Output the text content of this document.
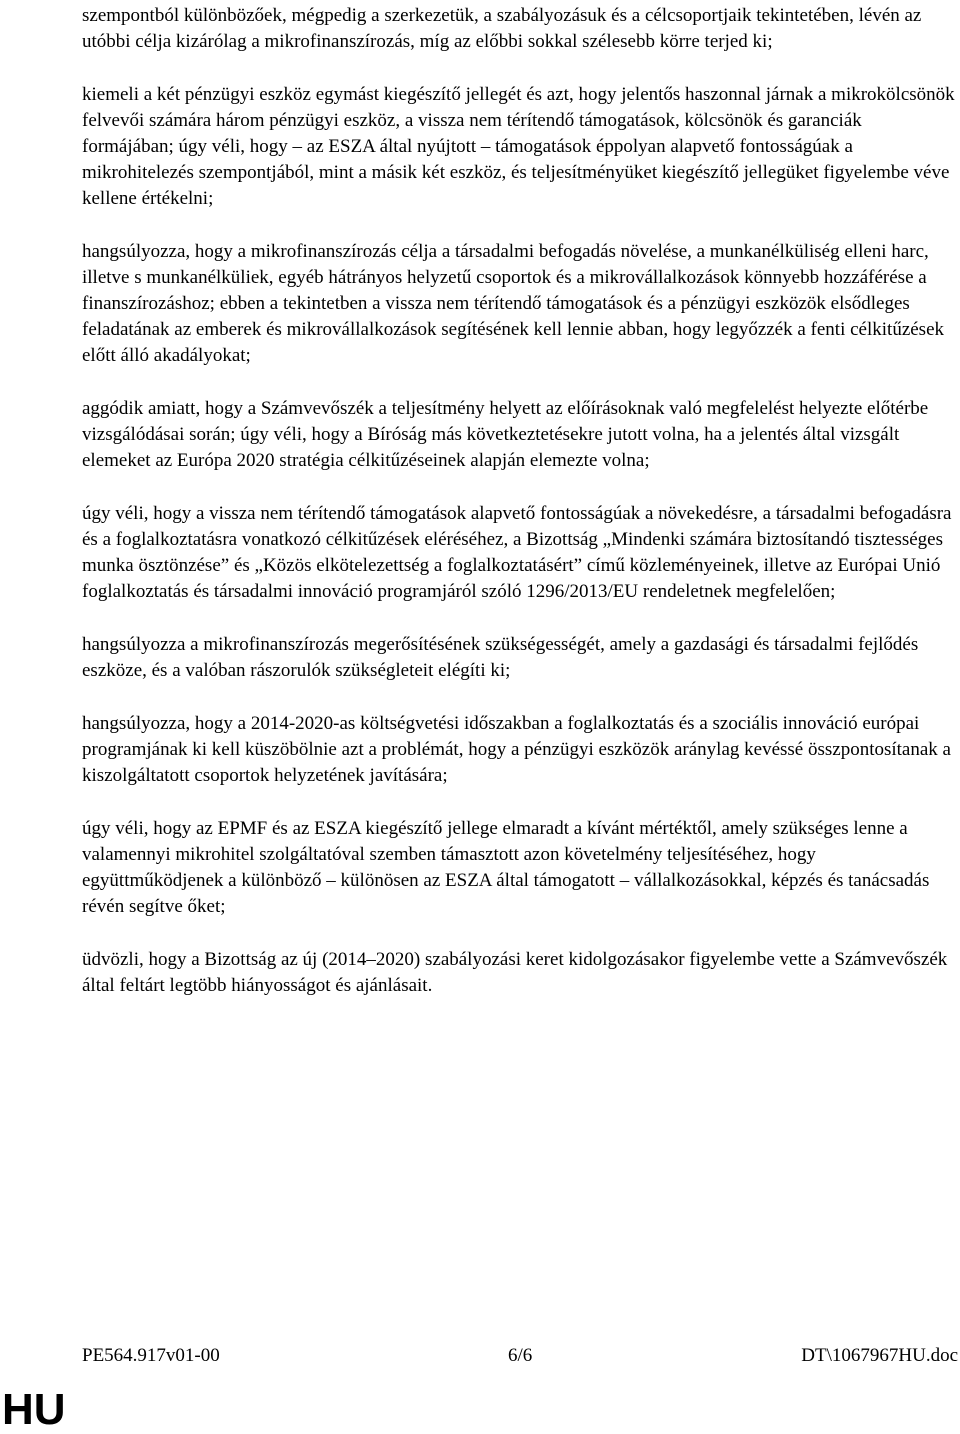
szempontból különbözőek, mégpedig a szerkezetük, a szabályozásuk és a célcsoportjaik tekintetében, lévén az utóbbi célja kizárólag a mikrofinanszírozás, míg az előbbi sokkal szélesebb körre terjed ki;

kiemeli a két pénzügyi eszköz egymást kiegészítő jellegét és azt, hogy jelentős haszonnal járnak a mikrokölcsönök felvevői számára három pénzügyi eszköz, a vissza nem térítendő támogatások, kölcsönök és garanciák formájában; úgy véli, hogy – az ESZA által nyújtott – támogatások éppolyan alapvető fontosságúak a mikrohitelezés szempontjából, mint a másik két eszköz, és teljesítményüket kiegészítő jellegüket figyelembe véve kellene értékelni;

hangsúlyozza, hogy a mikrofinanszírozás célja a társadalmi befogadás növelése, a munkanélküliség elleni harc, illetve s munkanélküliek, egyéb hátrányos helyzetű csoportok és a mikrovállalkozások könnyebb hozzáférése a finanszírozáshoz; ebben a tekintetben a vissza nem térítendő támogatások és a pénzügyi eszközök elsődleges feladatának az emberek és mikrovállalkozások segítésének kell lennie abban, hogy legyőzzék a fenti célkitűzések előtt álló akadályokat;

aggódik amiatt, hogy a Számvevőszék a teljesítmény helyett az előírásoknak való megfelelést helyezte előtérbe vizsgálódásai során; úgy véli, hogy a Bíróság más következtetésekre jutott volna, ha a jelentés által vizsgált elemeket az Európa 2020 stratégia célkitűzéseinek alapján elemezte volna;

úgy véli, hogy a vissza nem térítendő támogatások alapvető fontosságúak a növekedésre, a társadalmi befogadásra és a foglalkoztatásra vonatkozó célkitűzések eléréséhez, a Bizottság „Mindenki számára biztosítandó tisztességes munka ösztönzése” és „Közös elkötelezettség a foglalkoztatásért” című közleményeinek, illetve az Európai Unió foglalkoztatás és társadalmi innováció programjáról szóló 1296/2013/EU rendeletnek megfelelően;

hangsúlyozza a mikrofinanszírozás megerősítésének szükségességét, amely a gazdasági és társadalmi fejlődés eszköze, és a valóban rászorulók szükségleteit elégíti ki;

hangsúlyozza, hogy a 2014-2020-as költségvetési időszakban a foglalkoztatás és a szociális innováció európai programjának ki kell küszöbölnie azt a problémát, hogy a pénzügyi eszközök aránylag kevéssé összpontosítanak a kiszolgáltatott csoportok helyzetének javítására;

úgy véli, hogy az EPMF és az ESZA kiegészítő jellege elmaradt a kívánt mértéktől, amely szükséges lenne a valamennyi mikrohitel szolgáltatóval szemben támasztott azon követelmény teljesítéséhez, hogy együttműködjenek a különböző – különösen az ESZA által támogatott – vállalkozásokkal, képzés és tanácsadás révén segítve őket;

üdvözli, hogy a Bizottság az új (2014–2020) szabályozási keret kidolgozásakor figyelembe vette a Számvevőszék által feltárt legtöbb hiányosságot és ajánlásait.

PE564.917v01-00	6/6	DT\1067967HU.doc
HU
